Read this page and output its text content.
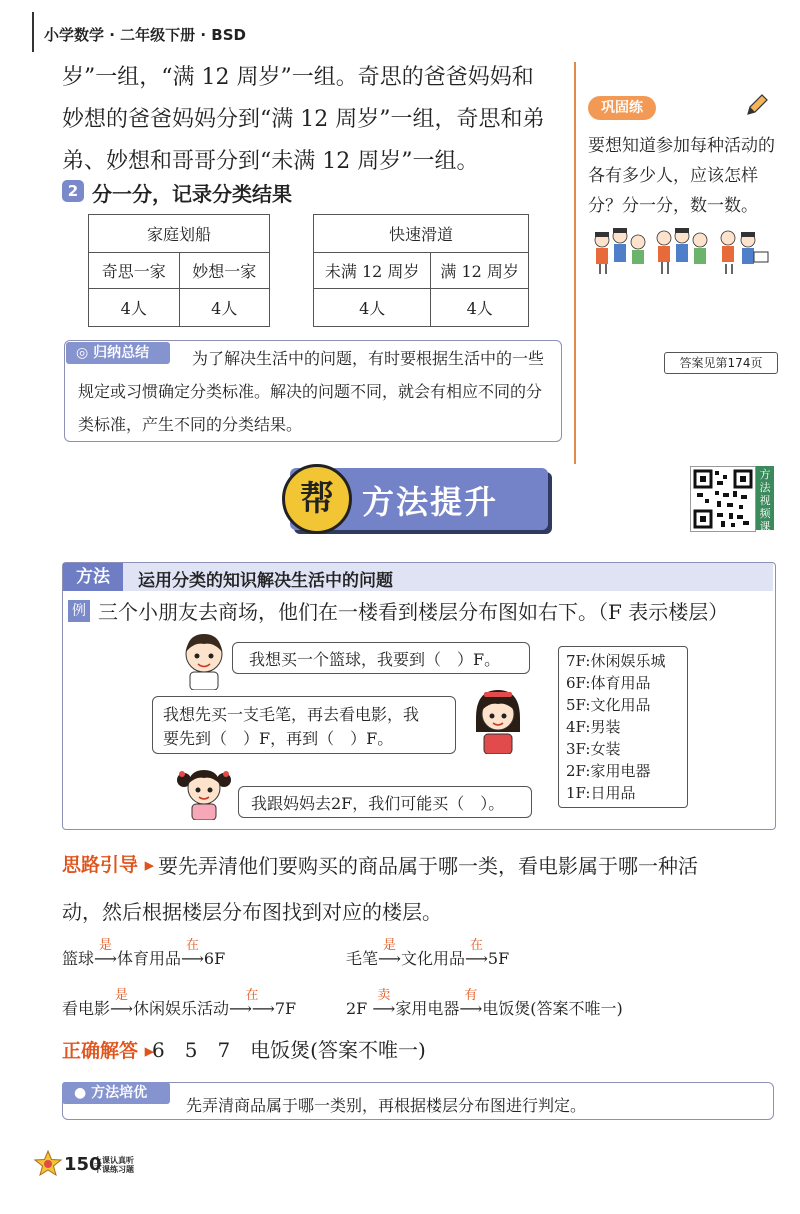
小学数学 · 二年级下册 · BSD
岁”一组，“满 12 周岁”一组。奇思的爸爸妈妈和
妙想的爸爸妈妈分到“满 12 周岁”一组，奇思和弟
弟、妙想和哥哥分到“未满 12 周岁”一组。
2 分一分，记录分类结果
家庭划船	
奇思一家	妙想一家
4人	4人
快速滑道	
未满 12 周岁	满 12 周岁
4人	4人
◎ 归纳总结	为了解决生活中的问题，有时要根据生活中的一些规定或习惯确定分类标准。解决的问题不同，就会有相应不同的分类标准，产生不同的分类结果。
巩固练
要想知道参加每种活动的各有多少人，应该怎样分？分一分，数一数。
答案见第174页
帮 方法提升
方法视频课
方法	运用分类的知识解决生活中的问题
例 三个小朋友去商场，他们在一楼看到楼层分布图如右下。（F 表示楼层）
我想买一个篮球，我要到（　）F。
我想先买一支毛笔，再去看电影，我
要先到（　）F，再到（　）F。
我跟妈妈去2F，我们可能买（　）。
7F:休闲娱乐城
6F:体育用品
5F:文化用品
4F:男装
3F:女装
2F:家用电器
1F:日用品
思路引导 ▸ 要先弄清他们要购买的商品属于哪一类，看电影属于哪一种活
动，然后根据楼层分布图找到对应的楼层。
篮球
是
⟶体育用品
在
⟶6F	毛笔
是
⟶文化用品
在
⟶5F
看电影
是
⟶休闲娱乐活动
在
⟶⟶7F	2F
卖
⟶家用电器
有
⟶电饭煲(答案不唯一)
正确解答 ▸
6　5　7　电饭煲(答案不唯一)
● 方法培优
先弄清商品属于哪一类别，再根据楼层分布图进行判定。
150
上课认真听
下课练习题
